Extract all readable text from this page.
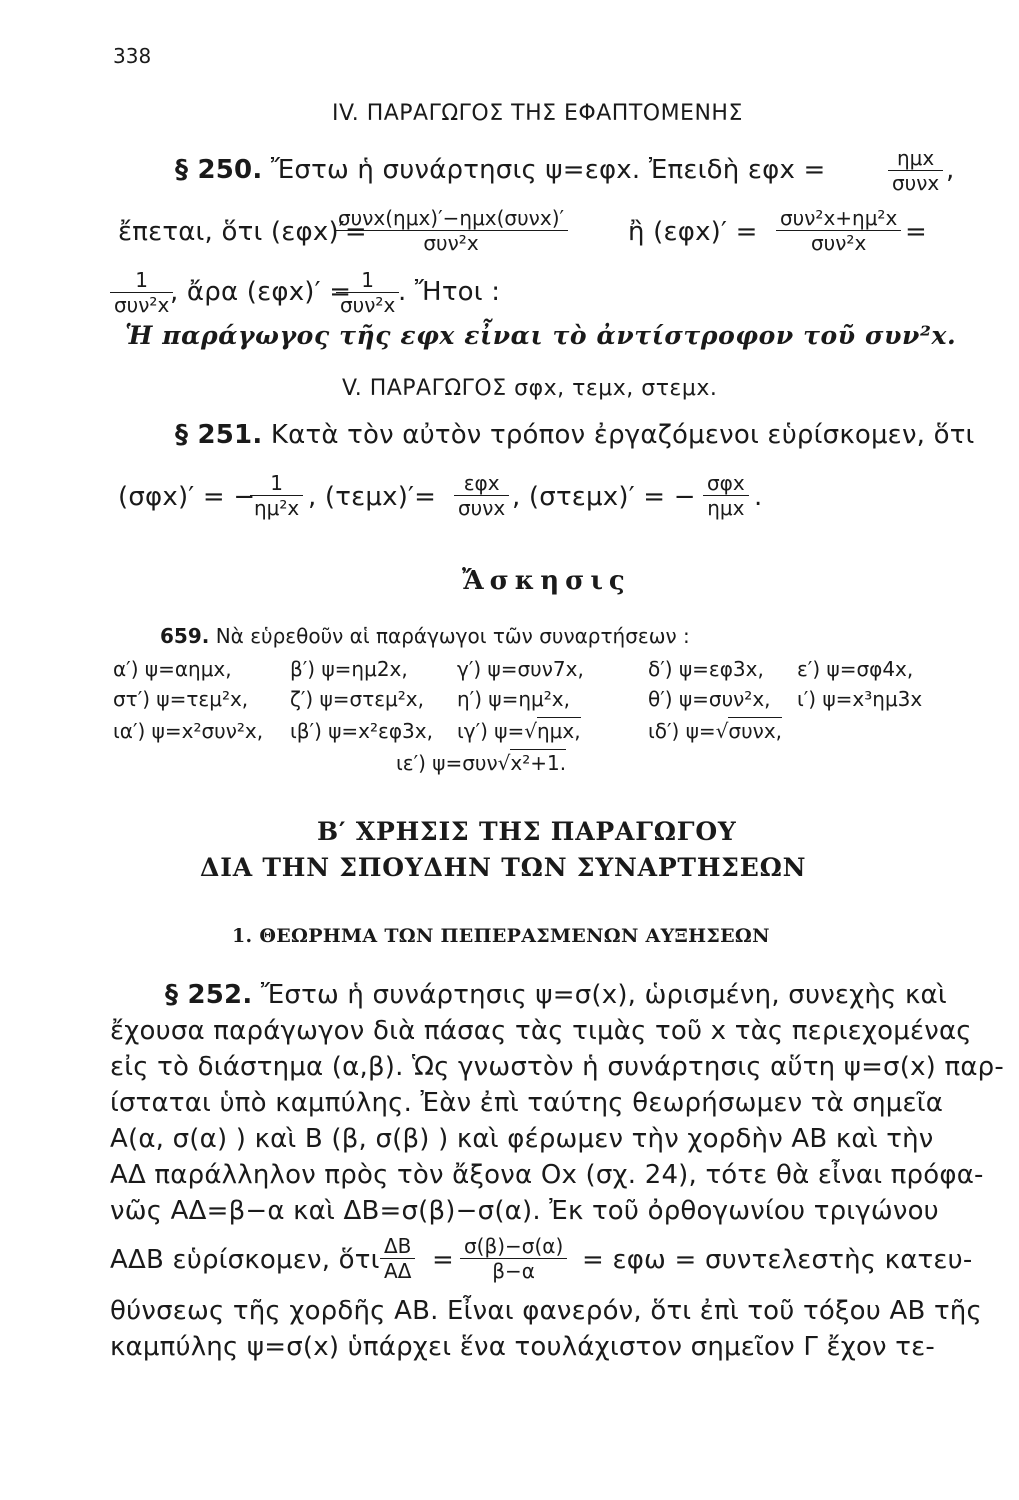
338
IV. ΠΑΡΑΓΩΓΟΣ ΤΗΣ ΕΦΑΠΤΟΜΕΝΗΣ
§ 250. Ἔστω ἡ συνάρτησις ψ=εφx. Ἐπειδὴ εφx =	ημx
συνx ,
ἔπεται, ὅτι (εφx)′=
συνx(ημx)′−ημx(συνx)′
συν²x	ἢ (εφx)′ = συν²x+ημ²x
συν²x	=
1
συν²x , ἄρα (εφx)′ = 1
συν²x . Ἤτοι :
Ἡ παράγωγος τῆς εφx εἶναι τὸ ἀντίστροφον τοῦ συν²x.
V. ΠΑΡΑΓΩΓΟΣ σφx, τεμx, στεμx.
§ 251. Κατὰ τὸν αὐτὸν τρόπον ἐργαζόμενοι εὑρίσκομεν, ὅτι
(σφx)′ = −
$\frac{1}{\text{ημ²x}}$ , (τεμx)′=	εφx
συνx , (στεμx)′ = − σφx
ημx .
Ἄσκησις
659. Νὰ εὑρεθοῦν αἱ παράγωγοι τῶν συναρτήσεων :
α′) ψ=αημx,	β′) ψ=ημ2x, γ′) ψ=συν7x,	δ′) ψ=εφ3x, ε′) ψ=σφ4x,
στ′) ψ=τεμ²x, ζ′) ψ=στεμ²x, η′) ψ=ημ²x,	θ′) ψ=συν²x, ι′) ψ=x³ημ3x
ια′) ψ=x²συν²x, ιβ′) ψ=x²εφ3x, ιγ′) ψ=√ημx,	ιδ′) ψ=√συνx,
ιε′) ψ=συν√x²+1.
Β′ ΧΡΗΣΙΣ ΤΗΣ ΠΑΡΑΓΩΓΟΥ
ΔΙΑ ΤΗΝ ΣΠΟΥΔΗΝ ΤΩΝ ΣΥΝΑΡΤΗΣΕΩΝ
1. ΘΕΩΡΗΜΑ ΤΩΝ ΠΕΠΕΡΑΣΜΕΝΩΝ ΑΥΞΗΣΕΩΝ
§ 252. Ἔστω ἡ συνάρτησις ψ=σ(x), ὡρισμένη, συνεχὴς καὶ
ἔχουσα παράγωγον διὰ πάσας τὰς τιμὰς τοῦ x τὰς περιεχομένας
εἰς τὸ διάστημα (α,β). Ὡς γνωστὸν ἡ συνάρτησις αὕτη ψ=σ(x) παρ-
ίσταται ὑπὸ καμπύλης. Ἐὰν ἐπὶ ταύτης θεωρήσωμεν τὰ σημεῖα
Α(α, σ(α) ) καὶ Β (β, σ(β) ) καὶ φέρωμεν τὴν χορδὴν ΑΒ καὶ τὴν
ΑΔ παράλληλον πρὸς τὸν ἄξονα Οx (σχ. 24), τότε θὰ εἶναι πρόφα-
νῶς ΑΔ=β−α καὶ ΔΒ=σ(β)−σ(α). Ἐκ τοῦ ὀρθογωνίου τριγώνου
ΑΔΒ εὑρίσκομεν, ὅτι $\frac{\Delta B}{A\Delta} = \frac{\sigma(\beta)-\sigma(\alpha)}{\beta-\alpha} = \varepsilon\varphi\omega$ = συντελεστὴς κατευ-
θύνσεως τῆς χορδῆς ΑΒ. Εἶναι φανερόν, ὅτι ἐπὶ τοῦ τόξου ΑΒ τῆς
καμπύλης ψ=σ(x) ὑπάρχει ἕνα τουλάχιστον σημεῖον Γ ἔχον τε-
